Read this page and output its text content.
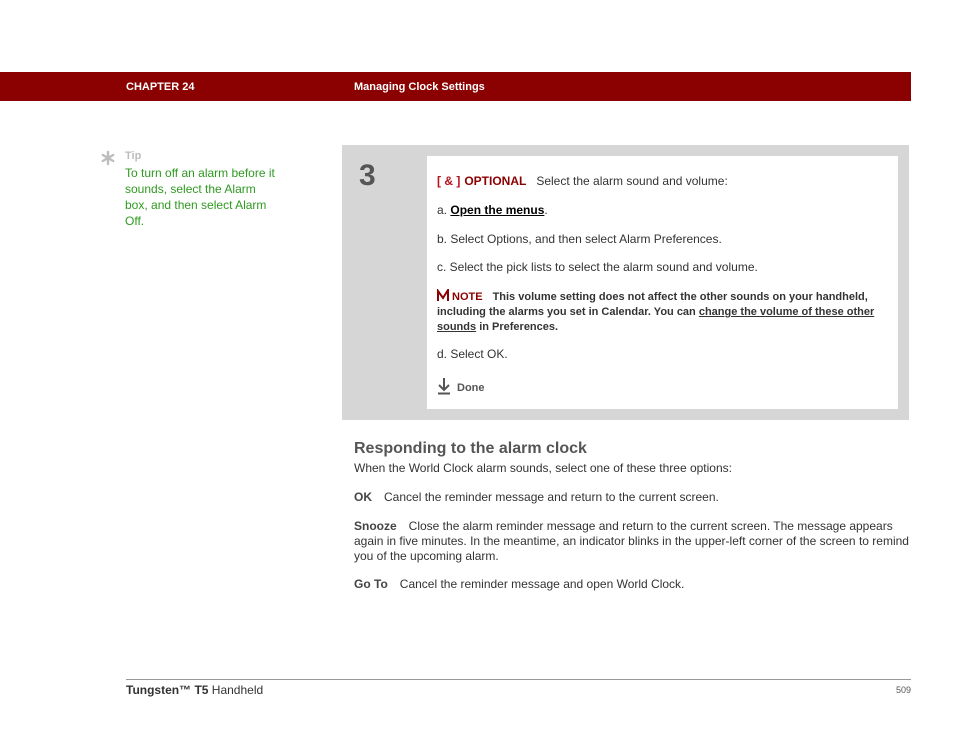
CHAPTER 24	Managing Clock Settings
Tip
To turn off an alarm before it sounds, select the Alarm box, and then select Alarm Off.
3	[ & ] OPTIONAL Select the alarm sound and volume:
a. Open the menus.
b. Select Options, and then select Alarm Preferences.
c. Select the pick lists to select the alarm sound and volume.
NOTE This volume setting does not affect the other sounds on your handheld, including the alarms you set in Calendar. You can change the volume of these other sounds in Preferences.
d. Select OK.
Done
Responding to the alarm clock
When the World Clock alarm sounds, select one of these three options:
OK Cancel the reminder message and return to the current screen.
Snooze Close the alarm reminder message and return to the current screen. The message appears again in five minutes. In the meantime, an indicator blinks in the upper-left corner of the screen to remind you of the upcoming alarm.
Go To Cancel the reminder message and open World Clock.
Tungsten™ T5 Handheld	509
